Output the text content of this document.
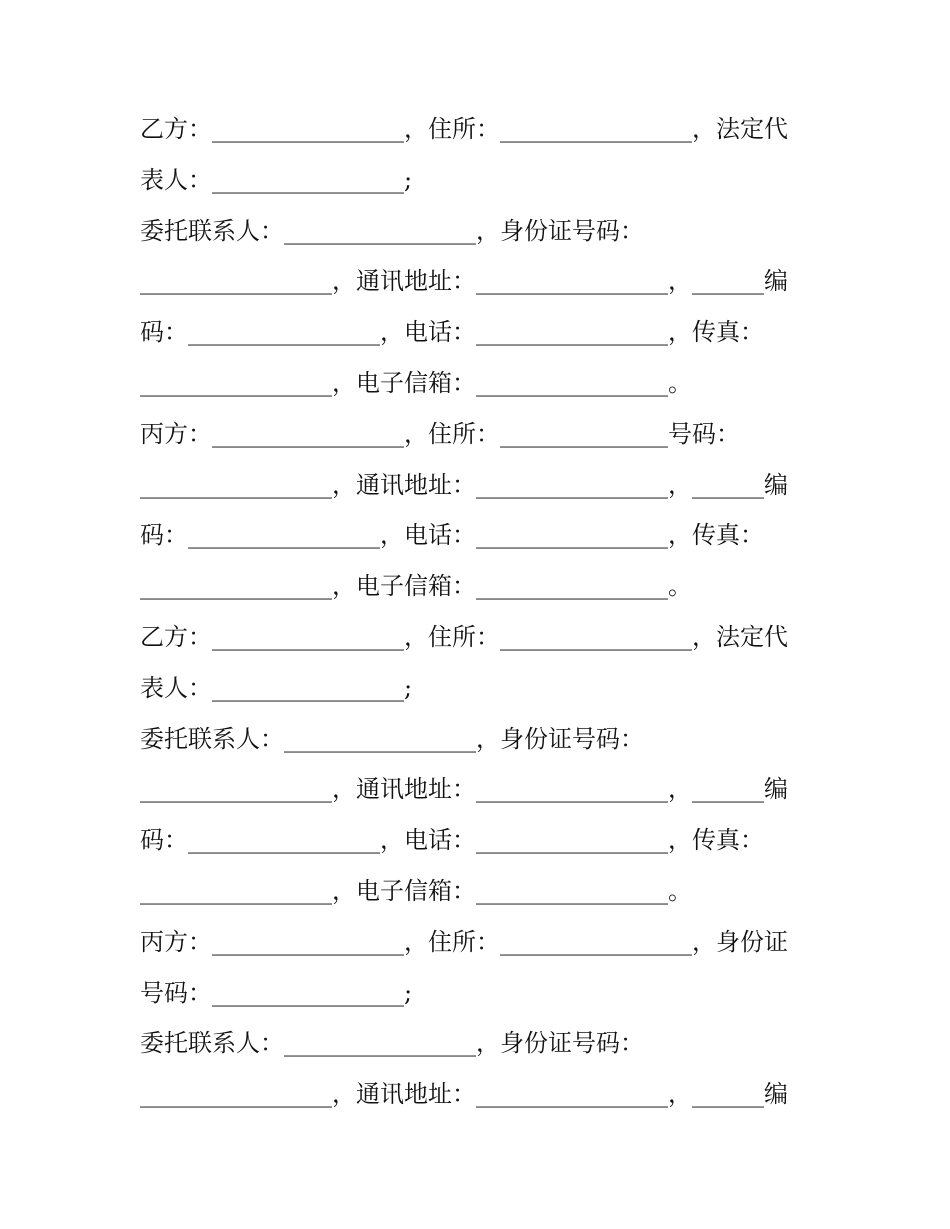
乙方：________________，住所：________________，法定代
表人：________________;
委托联系人：________________，身份证号码：
________________，通讯地址：________________，______编
码：________________，电话：________________，传真：
________________，电子信箱：________________。
丙方：________________，住所：______________号码：
________________，通讯地址：________________，______编
码：________________，电话：________________，传真：
________________，电子信箱：________________。
乙方：________________，住所：________________，法定代
表人：________________;
委托联系人：________________，身份证号码：
________________，通讯地址：________________，______编
码：________________，电话：________________，传真：
________________，电子信箱：________________。
丙方：________________，住所：________________，身份证
号码：________________;
委托联系人：________________，身份证号码：
________________，通讯地址：________________，______编
